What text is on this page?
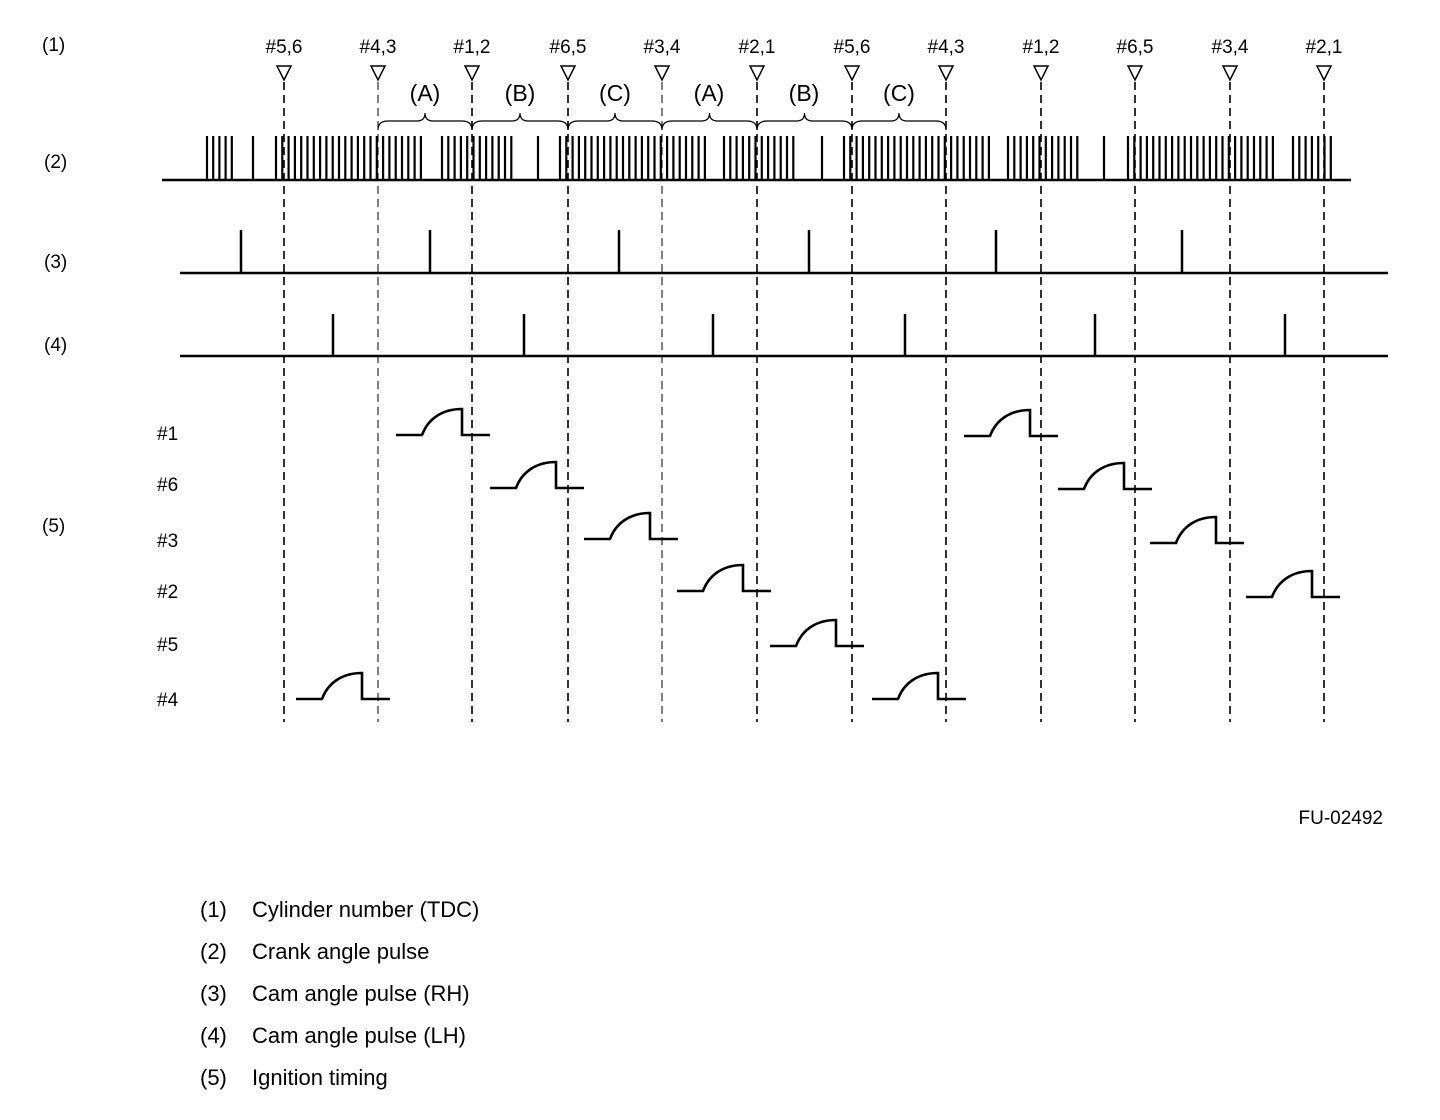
(1)
(2)
(3)
(4)
(5)
#5,6	#4,3	#1,2	#6,5	#3,4	#2,1	#5,6	#4,3	#1,2	#6,5	#3,4	#2,1
(A)	(B)	(C)	(A)	(B)	(C)
#1
#6
#3
#2
#5
#4
FU-02492
(1) Cylinder number (TDC)
(2) Crank angle pulse
(3) Cam angle pulse (RH)
(4) Cam angle pulse (LH)
(5) Ignition timing
